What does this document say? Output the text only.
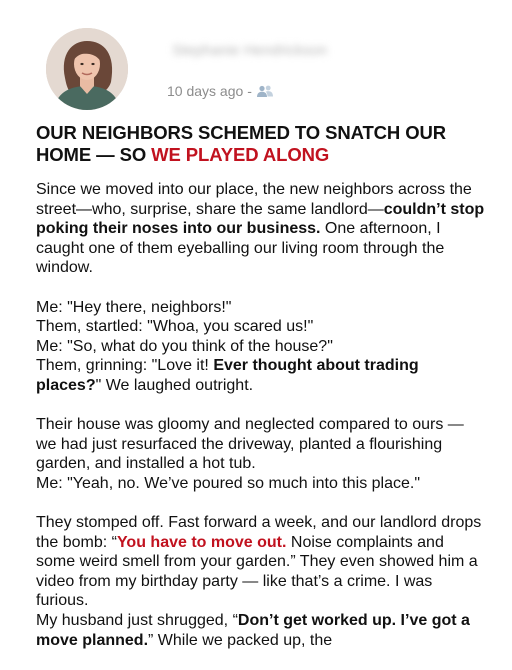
Stephanie Hendrickson
10 days ago -
OUR NEIGHBORS SCHEMED TO SNATCH OUR HOME — SO WE PLAYED ALONG

Since we moved into our place, the new neighbors across the street—who, surprise, share the same landlord—couldn’t stop poking their noses into our business. One afternoon, I caught one of them eyeballing our living room through the window.

Me: "Hey there, neighbors!"
Them, startled: "Whoa, you scared us!"
Me: "So, what do you think of the house?"
Them, grinning: "Love it! Ever thought about trading places?" We laughed outright.

Their house was gloomy and neglected compared to ours — we had just resurfaced the driveway, planted a flourishing garden, and installed a hot tub.
Me: "Yeah, no. We’ve poured so much into this place."

They stomped off. Fast forward a week, and our landlord drops the bomb: “You have to move out. Noise complaints and some weird smell from your garden.” They even showed him a video from my birthday party — like that’s a crime. I was furious.
My husband just shrugged, “Don’t get worked up. I’ve got a move planned.” While we packed up, the
